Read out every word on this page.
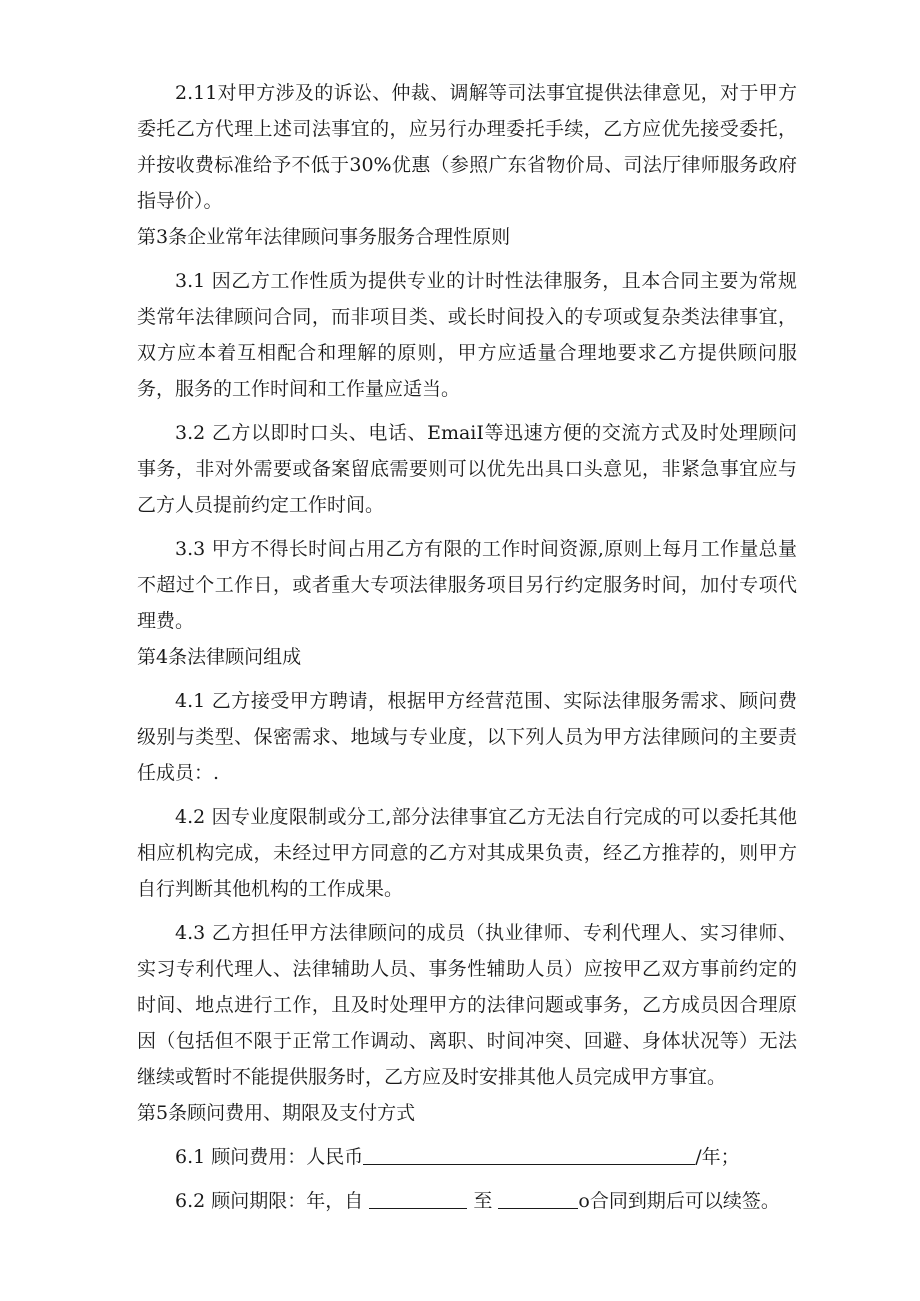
2.11对甲方涉及的诉讼、仲裁、调解等司法事宜提供法律意见，对于甲方委托乙方代理上述司法事宜的，应另行办理委托手续，乙方应优先接受委托，并按收费标准给予不低于30%优惠（参照广东省物价局、司法厅律师服务政府指导价）。

第3条企业常年法律顾问事务服务合理性原则

3.1 因乙方工作性质为提供专业的计时性法律服务，且本合同主要为常规类常年法律顾问合同，而非项目类、或长时间投入的专项或复杂类法律事宜，双方应本着互相配合和理解的原则，甲方应适量合理地要求乙方提供顾问服务，服务的工作时间和工作量应适当。

3.2 乙方以即时口头、电话、EmaiI等迅速方便的交流方式及时处理顾问事务，非对外需要或备案留底需要则可以优先出具口头意见，非紧急事宜应与乙方人员提前约定工作时间。

3.3 甲方不得长时间占用乙方有限的工作时间资源,原则上每月工作量总量不超过个工作日，或者重大专项法律服务项目另行约定服务时间，加付专项代理费。

第4条法律顾问组成

4.1 乙方接受甲方聘请，根据甲方经营范围、实际法律服务需求、顾问费级别与类型、保密需求、地域与专业度，以下列人员为甲方法律顾问的主要责任成员：.

4.2 因专业度限制或分工,部分法律事宜乙方无法自行完成的可以委托其他相应机构完成，未经过甲方同意的乙方对其成果负责，经乙方推荐的，则甲方自行判断其他机构的工作成果。

4.3 乙方担任甲方法律顾问的成员（执业律师、专利代理人、实习律师、实习专利代理人、法律辅助人员、事务性辅助人员）应按甲乙双方事前约定的时间、地点进行工作，且及时处理甲方的法律问题或事务，乙方成员因合理原因（包括但不限于正常工作调动、离职、时间冲突、回避、身体状况等）无法继续或暂时不能提供服务时，乙方应及时安排其他人员完成甲方事宜。

第5条顾问费用、期限及支付方式

6.1 顾问费用：人民币	/年；

6.2 顾问期限：年，自	至	o合同到期后可以续签。
